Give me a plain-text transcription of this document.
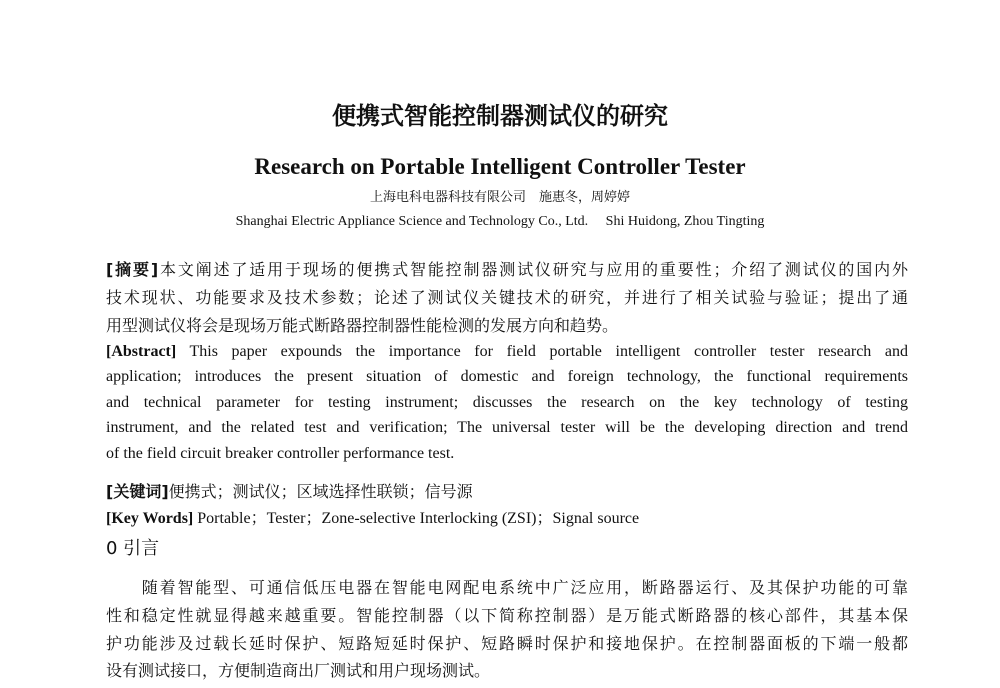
便携式智能控制器测试仪的研究
Research on Portable Intelligent Controller Tester
上海电科电器科技有限公司　施惠冬，周婷婷
Shanghai Electric Appliance Science and Technology Co., Ltd.　 Shi Huidong, Zhou Tingting
[摘要]本文阐述了适用于现场的便携式智能控制器测试仪研究与应用的重要性；介绍了测试仪的国内外
技术现状、功能要求及技术参数；论述了测试仪关键技术的研究，并进行了相关试验与验证；提出了通
用型测试仪将会是现场万能式断路器控制器性能检测的发展方向和趋势。
[Abstract] This paper expounds the importance for field portable intelligent controller tester research and
application; introduces the present situation of domestic and foreign technology, the functional requirements
and technical parameter for testing instrument; discusses the research on the key technology of testing
instrument, and the related test and verification; The universal tester will be the developing direction and trend
of the field circuit breaker controller performance test.
[关键词]便携式；测试仪；区域选择性联锁；信号源
[Key Words] Portable；Tester；Zone-selective Interlocking (ZSI)；Signal source
0 引言
　　随着智能型、可通信低压电器在智能电网配电系统中广泛应用，断路器运行、及其保护功能的可靠
性和稳定性就显得越来越重要。智能控制器（以下简称控制器）是万能式断路器的核心部件，其基本保
护功能涉及过载长延时保护、短路短延时保护、短路瞬时保护和接地保护。在控制器面板的下端一般都
设有测试接口，方便制造商出厂测试和用户现场测试。
